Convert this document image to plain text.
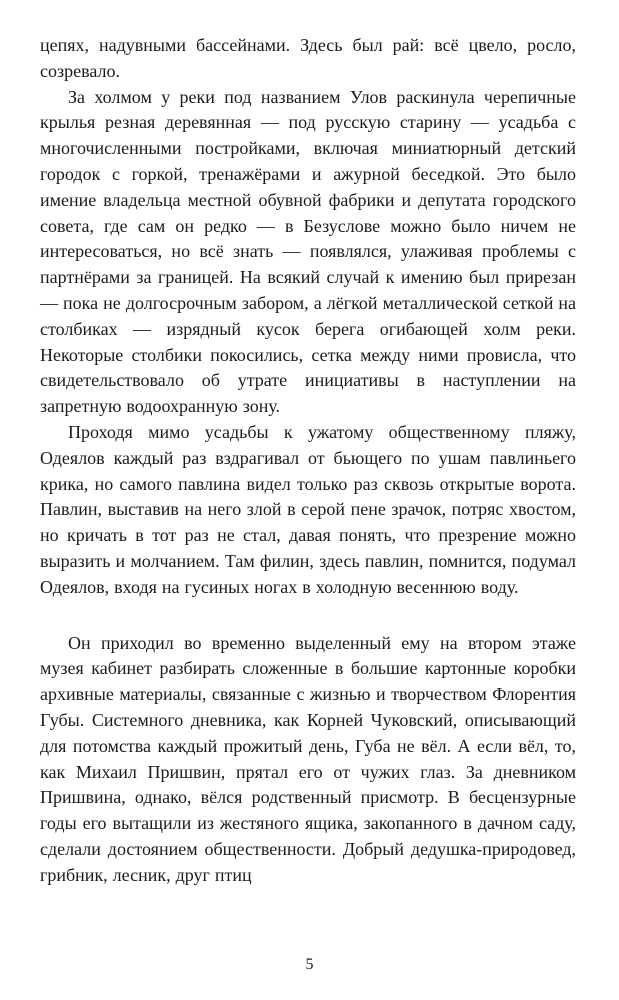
цепях, надувными бассейнами. Здесь был рай: всё цвело, росло, созревало.

За холмом у реки под названием Улов раскинула черепичные крылья резная деревянная — под русскую старину — усадьба с многочисленными постройками, включая миниатюрный детский городок с горкой, тренажёрами и ажурной беседкой. Это было имение владельца местной обувной фабрики и депутата городского совета, где сам он редко — в Безуслове можно было ничем не интересоваться, но всё знать — появлялся, улаживая проблемы с партнёрами за границей. На всякий случай к имению был прирезан — пока не долгосрочным забором, а лёгкой металлической сеткой на столбиках — изрядный кусок берега огибающей холм реки. Некоторые столбики покосились, сетка между ними провисла, что свидетельствовало об утрате инициативы в наступлении на запретную водоохранную зону.

Проходя мимо усадьбы к ужатому общественному пляжу, Одеялов каждый раз вздрагивал от бьющего по ушам павлиньего крика, но самого павлина видел только раз сквозь открытые ворота. Павлин, выставив на него злой в серой пене зрачок, потряс хвостом, но кричать в тот раз не стал, давая понять, что презрение можно выразить и молчанием. Там филин, здесь павлин, помнится, подумал Одеялов, входя на гусиных ногах в холодную весеннюю воду.

Он приходил во временно выделенный ему на втором этаже музея кабинет разбирать сложенные в большие картонные коробки архивные материалы, связанные с жизнью и творчеством Флорентия Губы. Системного дневника, как Корней Чуковский, описывающий для потомства каждый прожитый день, Губа не вёл. А если вёл, то, как Михаил Пришвин, прятал его от чужих глаз. За дневником Пришвина, однако, вёлся родственный присмотр. В бесцензурные годы его вытащили из жестяного ящика, закопанного в дачном саду, сделали достоянием общественности. Добрый дедушка-природовед, грибник, лесник, друг птиц

5
